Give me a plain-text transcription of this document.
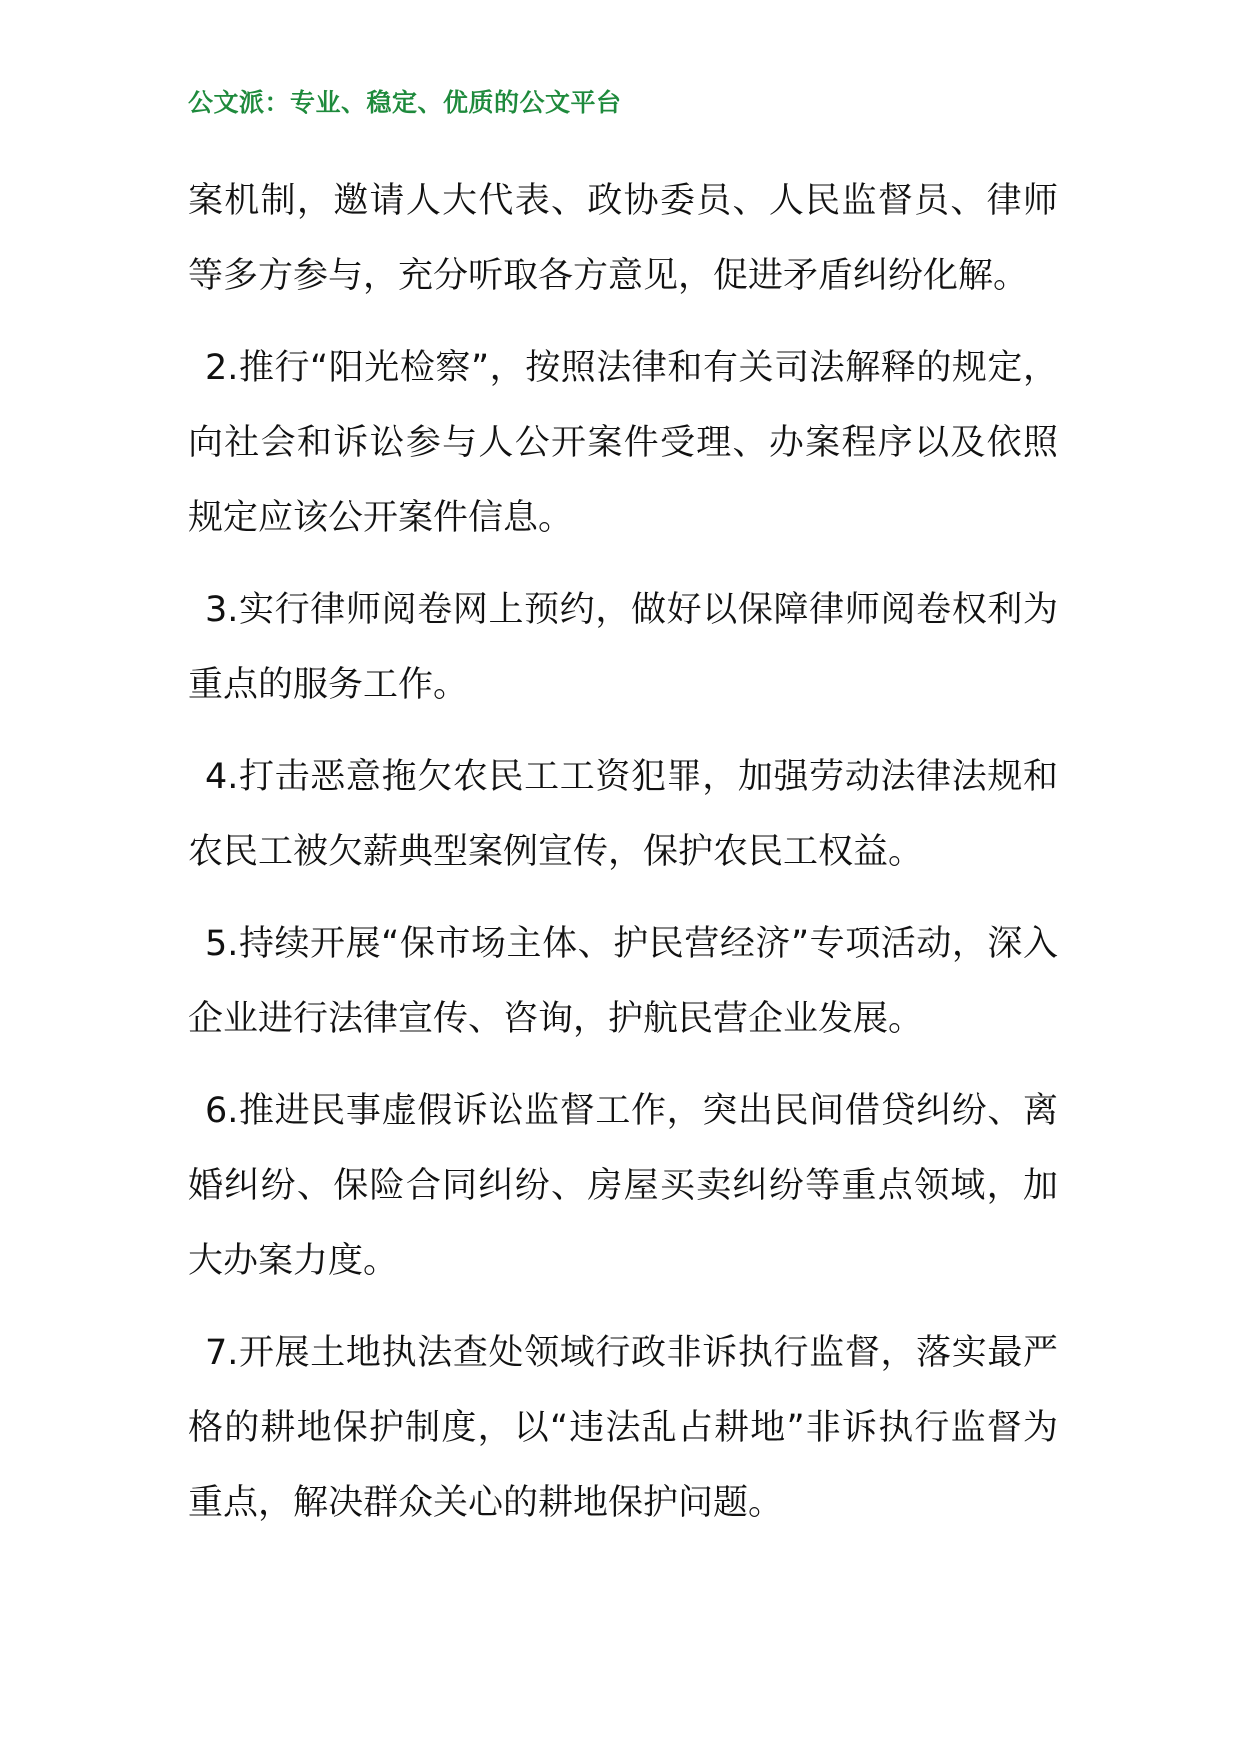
公文派：专业、稳定、优质的公文平台

案机制，邀请人大代表、政协委员、人民监督员、律师等多方参与，充分听取各方意见，促进矛盾纠纷化解。

2.推行“阳光检察”，按照法律和有关司法解释的规定，向社会和诉讼参与人公开案件受理、办案程序以及依照规定应该公开案件信息。

3.实行律师阅卷网上预约，做好以保障律师阅卷权利为重点的服务工作。

4.打击恶意拖欠农民工工资犯罪，加强劳动法律法规和农民工被欠薪典型案例宣传，保护农民工权益。

5.持续开展“保市场主体、护民营经济”专项活动，深入企业进行法律宣传、咨询，护航民营企业发展。

6.推进民事虚假诉讼监督工作，突出民间借贷纠纷、离婚纠纷、保险合同纠纷、房屋买卖纠纷等重点领域，加大办案力度。

7.开展土地执法查处领域行政非诉执行监督，落实最严格的耕地保护制度，以“违法乱占耕地”非诉执行监督为重点，解决群众关心的耕地保护问题。
